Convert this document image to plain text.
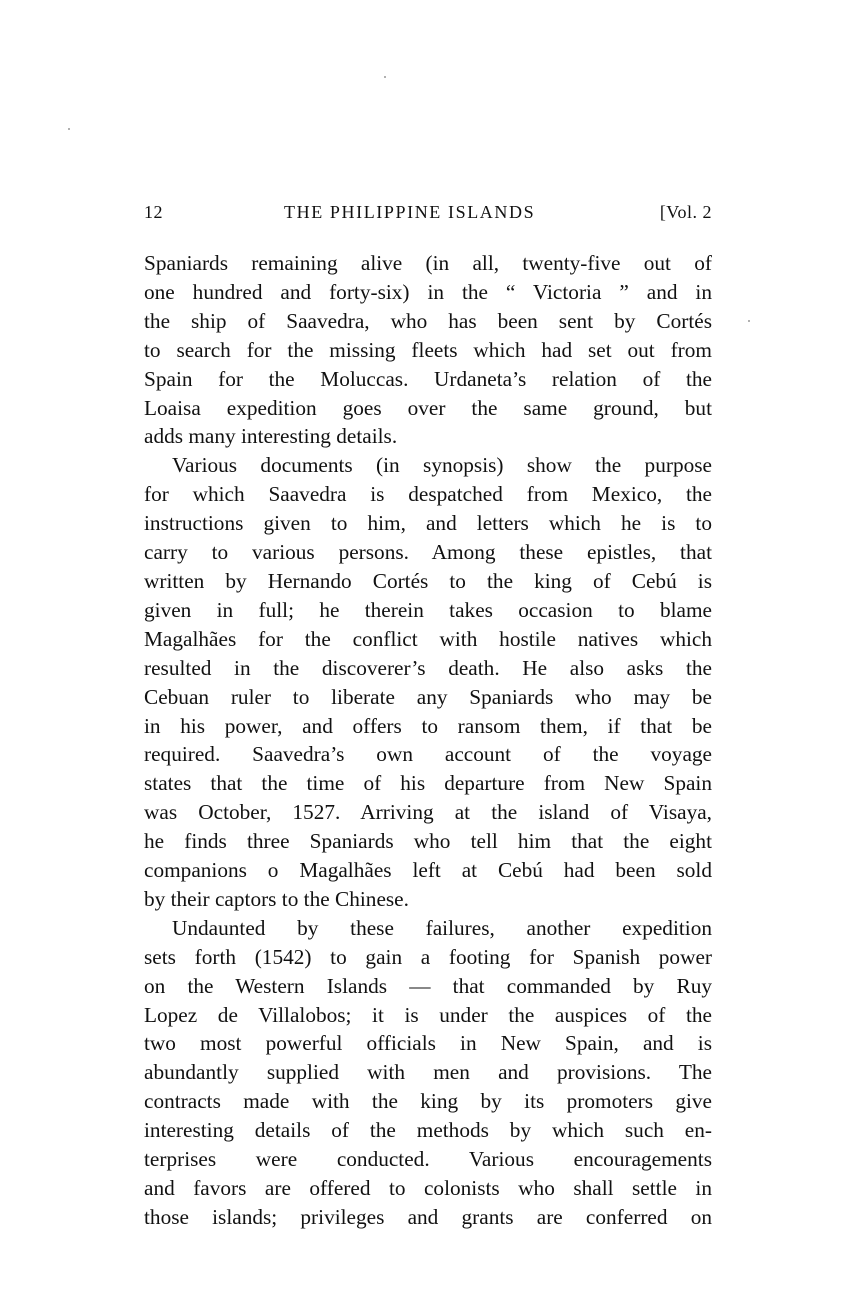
12	THE PHILIPPINE ISLANDS	[Vol. 2

Spaniards remaining alive (in all, twenty-five out of
one hundred and forty-six) in the “ Victoria ” and in
the ship of Saavedra, who has been sent by Cortés
to search for the missing fleets which had set out from
Spain for the Moluccas. Urdaneta’s relation of the
Loaisa expedition goes over the same ground, but
adds many interesting details.

Various documents (in synopsis) show the purpose
for which Saavedra is despatched from Mexico, the
instructions given to him, and letters which he is to
carry to various persons. Among these epistles, that
written by Hernando Cortés to the king of Cebú is
given in full; he therein takes occasion to blame
Magalhães for the conflict with hostile natives which
resulted in the discoverer’s death. He also asks the
Cebuan ruler to liberate any Spaniards who may be
in his power, and offers to ransom them, if that be
required. Saavedra’s own account of the voyage
states that the time of his departure from New Spain
was October, 1527. Arriving at the island of Visaya,
he finds three Spaniards who tell him that the eight
companions o Magalhães left at Cebú had been sold
by their captors to the Chinese.

Undaunted by these failures, another expedition
sets forth (1542) to gain a footing for Spanish power
on the Western Islands — that commanded by Ruy
Lopez de Villalobos; it is under the auspices of the
two most powerful officials in New Spain, and is
abundantly supplied with men and provisions. The
contracts made with the king by its promoters give
interesting details of the methods by which such en-
terprises were conducted. Various encouragements
and favors are offered to colonists who shall settle in
those islands; privileges and grants are conferred on
